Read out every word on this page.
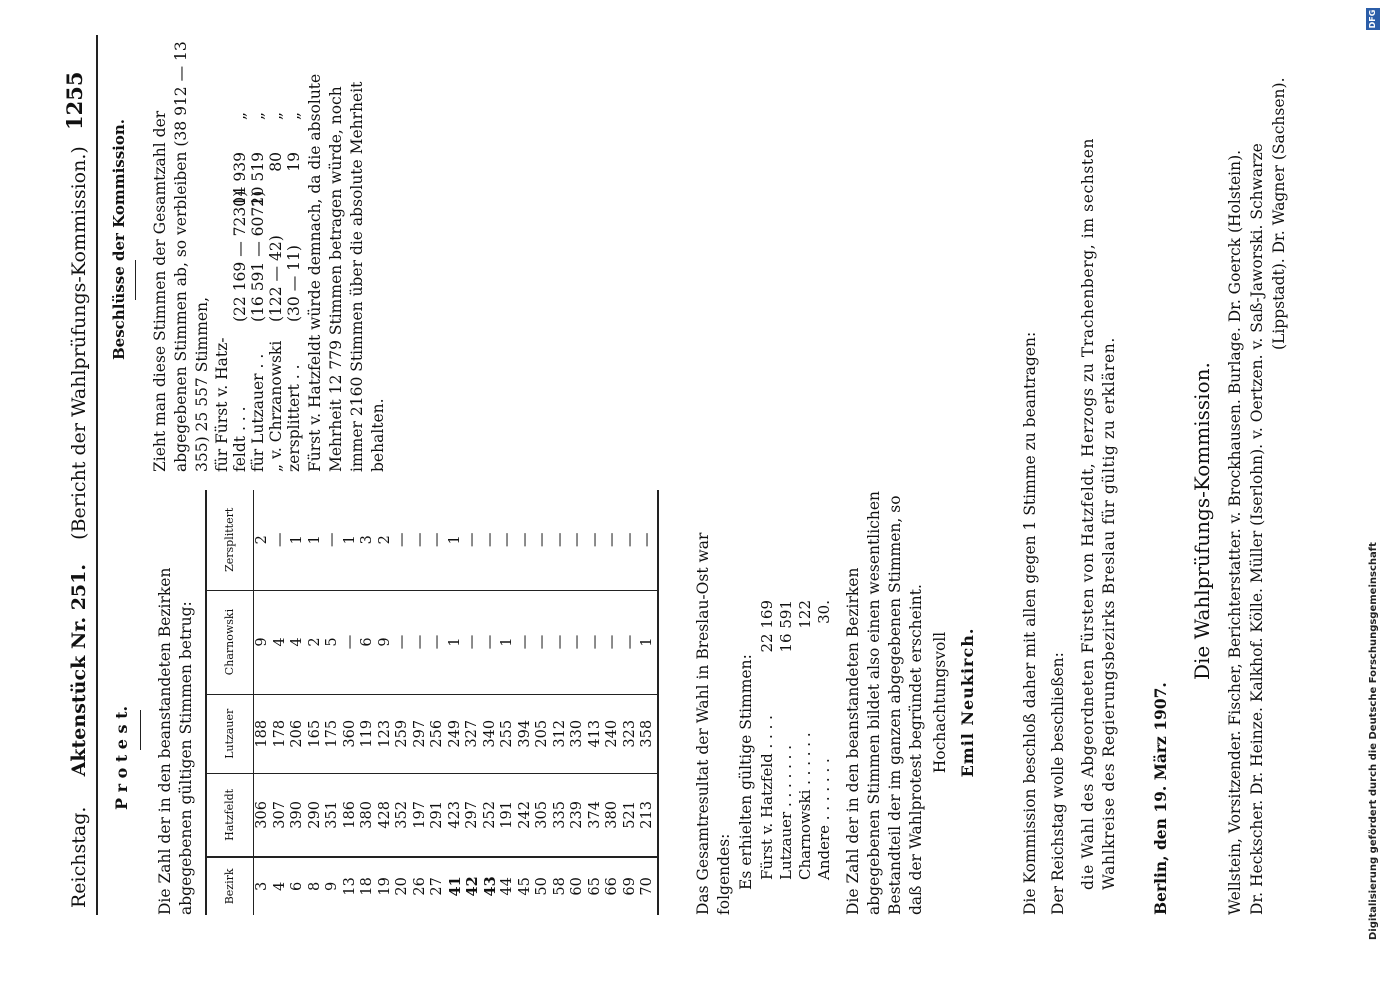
Reichstag.     Aktenstück Nr. 251.    (Bericht der Wahlprüfungs-Kommission.)
1255
P r o t e s t. Die Zahl der in den beanstandeten Bezirken abgegebenen gültigen Stimmen betrug:	Bezirk	Hatzfeldt	Lutzauer	Charnowski	Zersplittert
3	306	188	9	2
4	307	178	4	—
6	390	206	4	1
8	290	165	2	1
9	351	175	5	—
13	186	360	—	1
18	380	119	6	3
19	428	123	9	2
20	352	259	—	—
26	197	297	—	—
27	291	256	—	—
41	423	249	1	1
42	297	327	—	—
43	252	340	—	—
44	191	255	1	—
45	242	394	—	—
50	305	205	—	—
58	335	312	—	—
60	239	330	—	—
65	374	413	—	—
66	380	240	—	—
69	521	323	—	—
70	213	358	1	—	Das Gesamtresultat der Wahl in Breslau-Ost war folgendes: Es erhielten gültige Stimmen: Fürst v. Hatzfeld . . . .22 169
Lutzauer . . . . . . .16 591
Charnowski . . . . . .122
Andere . . . . . . .30. Die Zahl der in den beanstandeten Bezirken abgegebenen Stimmen bildet also einen wesentlichen Bestandteil der im ganzen abgegebenen Stimmen, so daß der Wahlprotest begründet erscheint. Hochachtungsvoll Emil Neukirch.
Zieht man diese Stimmen der Gesamtzahl der abgegebenen Stimmen ab, so verbleiben (38 912 — 13 355) 25 557 Stimmen, für Fürst v. Hatz- feldt . . .(22 169 — 7230)14 939„
für Lutzauer . .(16 591 — 6072)10 519„
„ v. Chrzanowski(122 — 42)80„
zersplittert . .(30 — 11)19„ Fürst v. Hatzfeldt würde demnach, da die absolute Mehrheit 12 779 Stimmen betragen würde, noch immer 2160 Stimmen über die absolute Mehrheit behalten.
Beschlüsse der Kommission.
Die Kommission beschloß daher mit allen gegen 1 Stimme zu beantragen: Der Reichstag wolle beschließen: die Wahl des Abgeordneten Fürsten von Hatzfeldt, Herzogs zu Trachenberg, im sechsten Wahlkreise des Regierungsbezirks Breslau für gültig zu erklären. Berlin, den 19. März 1907.
Die Wahlprüfungs-Kommission. Wellstein, Vorsitzender. Fischer, Berichterstatter. v. Brockhausen. Burlage. Dr. Goerck (Holstein). Dr. Heckscher. Dr. Heinze. Kalkhof. Kölle. Müller (Iserlohn). v. Oertzen. v. Saß-Jaworski. Schwarze (Lippstadt). Dr. Wagner (Sachsen).
Digitalisierung gefördert durch die Deutsche Forschungsgemeinschaft
DFG
